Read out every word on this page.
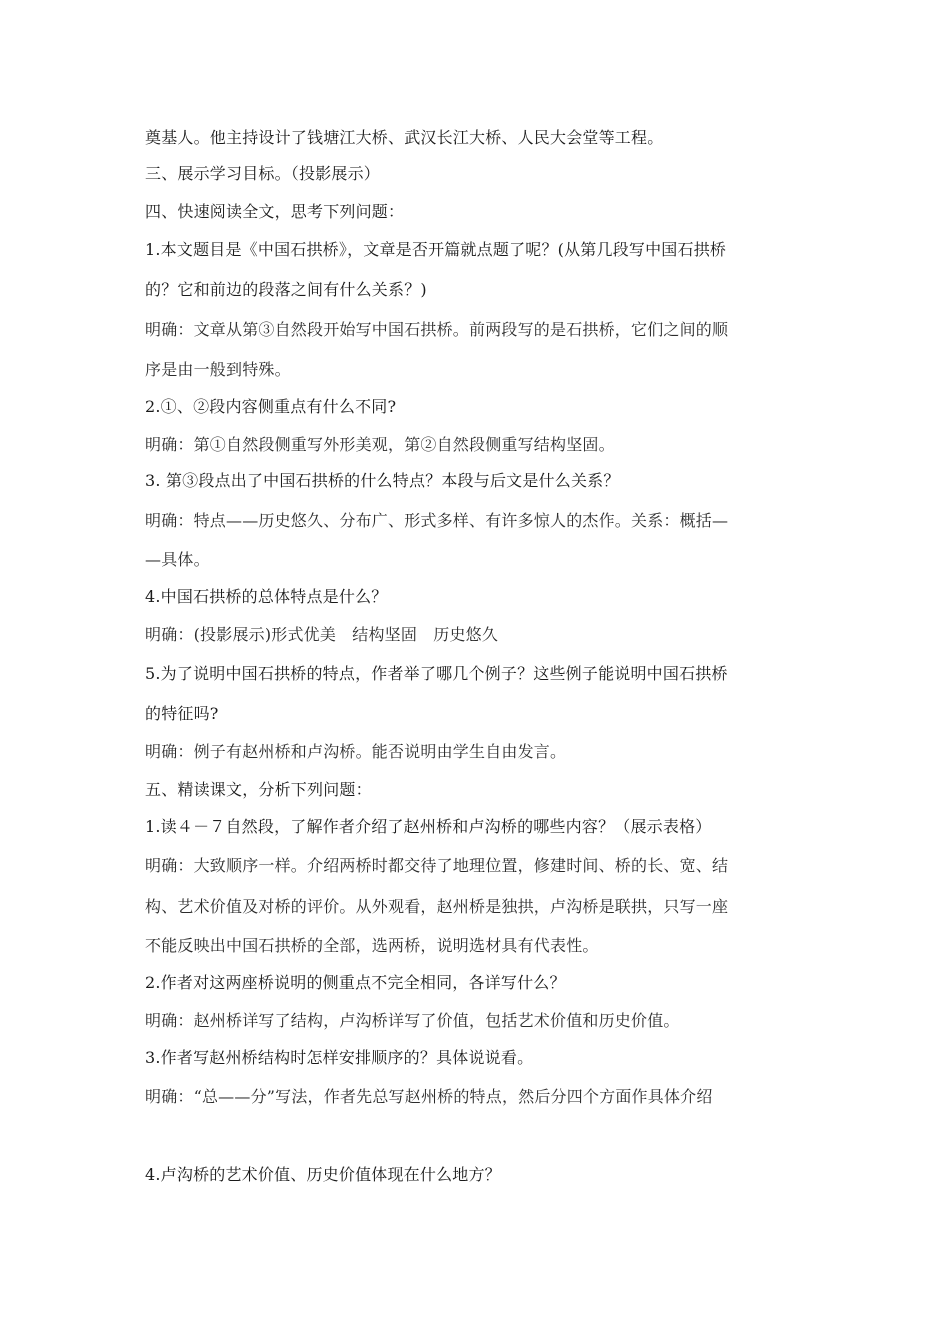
奠基人。他主持设计了钱塘江大桥、武汉长江大桥、人民大会堂等工程。
三、展示学习目标。（投影展示）
四、快速阅读全文，思考下列问题：
1.本文题目是《中国石拱桥》，文章是否开篇就点题了呢？(从第几段写中国石拱桥
的？它和前边的段落之间有什么关系？)
明确：文章从第③自然段开始写中国石拱桥。前两段写的是石拱桥，它们之间的顺
序是由一般到特殊。
2.①、②段内容侧重点有什么不同?
明确：第①自然段侧重写外形美观，第②自然段侧重写结构坚固。
3. 第③段点出了中国石拱桥的什么特点？本段与后文是什么关系？
明确：特点——历史悠久、分布广、形式多样、有许多惊人的杰作。关系：概括—
—具体。
4.中国石拱桥的总体特点是什么？
明确：(投影展示)形式优美　结构坚固　历史悠久
5.为了说明中国石拱桥的特点，作者举了哪几个例子？这些例子能说明中国石拱桥
的特征吗?
明确：例子有赵州桥和卢沟桥。能否说明由学生自由发言。
五、精读课文，分析下列问题：
1.读４－７自然段，了解作者介绍了赵州桥和卢沟桥的哪些内容？（展示表格）
明确：大致顺序一样。介绍两桥时都交待了地理位置，修建时间、桥的长、宽、结
构、艺术价值及对桥的评价。从外观看，赵州桥是独拱，卢沟桥是联拱，只写一座
不能反映出中国石拱桥的全部，选两桥，说明选材具有代表性。
2.作者对这两座桥说明的侧重点不完全相同，各详写什么？
明确：赵州桥详写了结构，卢沟桥详写了价值，包括艺术价值和历史价值。
3.作者写赵州桥结构时怎样安排顺序的？具体说说看。
明确：“总——分”写法，作者先总写赵州桥的特点，然后分四个方面作具体介绍
4.卢沟桥的艺术价值、历史价值体现在什么地方？
